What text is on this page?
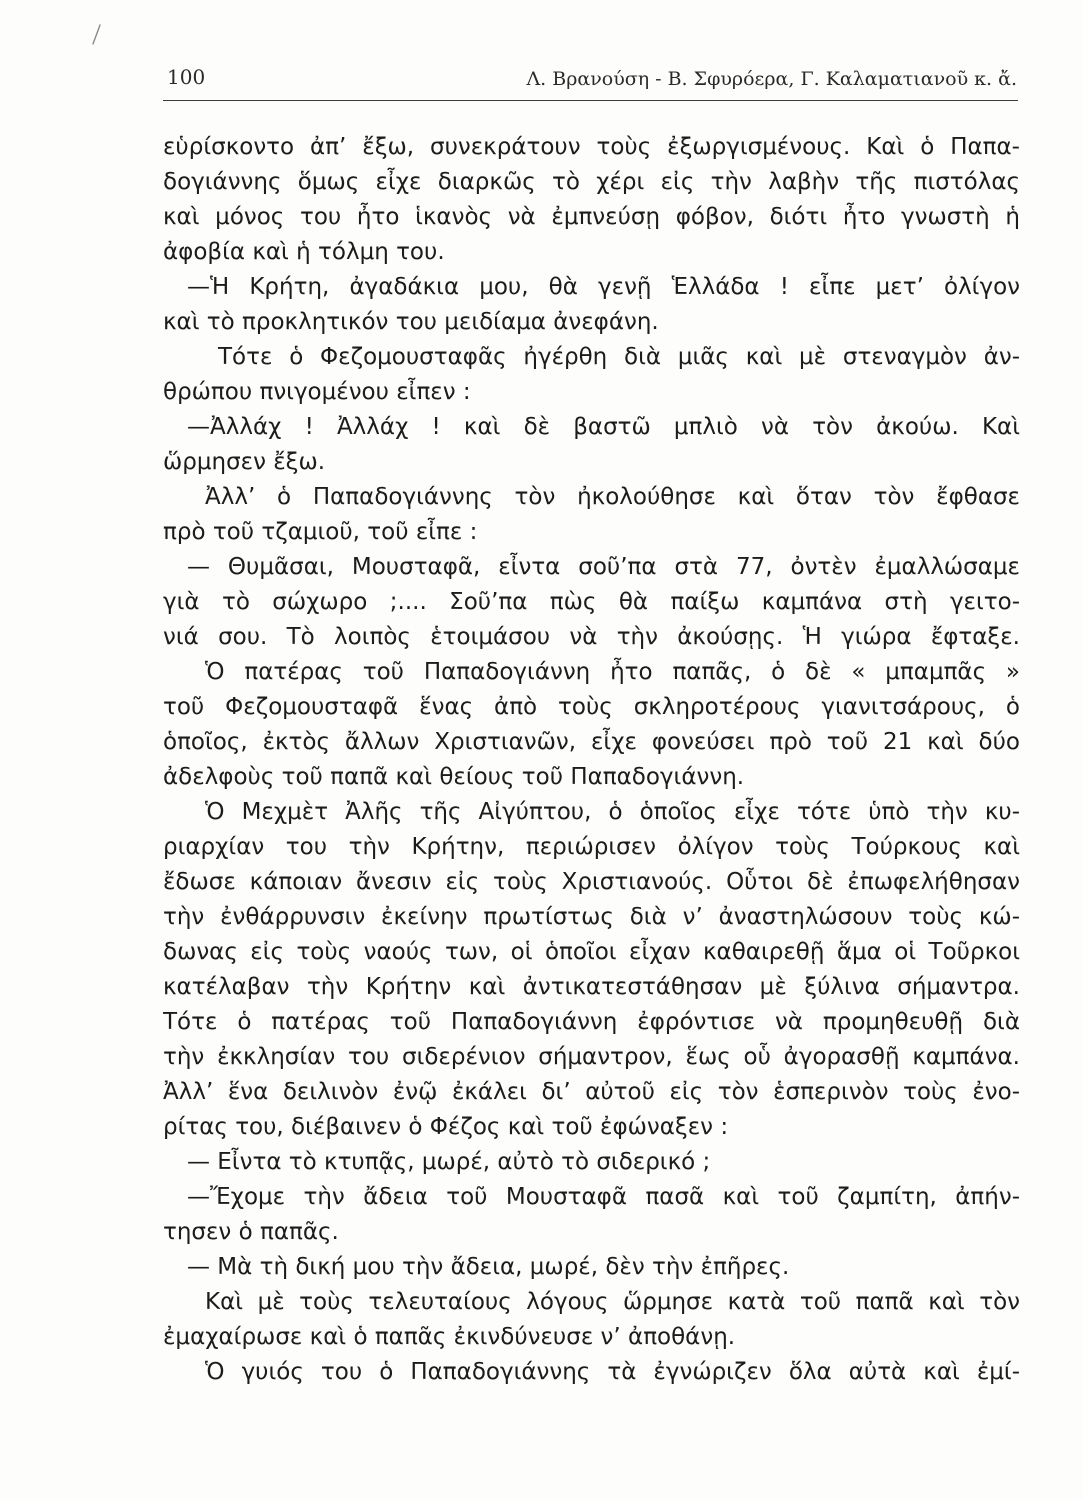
100	Λ. Βρανούση - Β. Σφυρόερα, Γ. Καλαματιανοῦ κ. ἄ.
εὑρίσκοντο ἀπ’ ἔξω, συνεκράτουν τοὺς ἐξωργισμένους. Καὶ ὁ Παπα-
δογιάννης ὅμως εἶχε διαρκῶς τὸ χέρι εἰς τὴν λαβὴν τῆς πιστόλας
καὶ μόνος του ἦτο ἱκανὸς νὰ ἐμπνεύσῃ φόβον, διότι ἦτο γνωστὴ ἡ
ἀφοβία καὶ ἡ τόλμη του.
—Ἡ Κρήτη, ἀγαδάκια μου, θὰ γενῇ Ἑλλάδα ! εἶπε μετ’ ὀλίγον
καὶ τὸ προκλητικόν του μειδίαμα ἀνεφάνη.
Τότε ὁ Φεζομουσταφᾶς ἠγέρθη διὰ μιᾶς καὶ μὲ στεναγμὸν ἀν-
θρώπου πνιγομένου εἶπεν :
—Ἀλλάχ ! Ἀλλάχ ! καὶ δὲ βαστῶ μπλιὸ νὰ τὸν ἀκούω. Καὶ
ὥρμησεν ἔξω.
Ἀλλ’ ὁ Παπαδογιάννης τὸν ἠκολούθησε καὶ ὅταν τὸν ἔφθασε
πρὸ τοῦ τζαμιοῦ, τοῦ εἶπε :
— Θυμᾶσαι, Μουσταφᾶ, εἶντα σοῦ’πα στὰ 77, ὀντὲν ἐμαλλώσαμε
γιὰ τὸ σώχωρο ;.... Σοῦ’πα πὼς θὰ παίξω καμπάνα στὴ γειτο-
νιά σου. Τὸ λοιπὸς ἑτοιμάσου νὰ τὴν ἀκούσῃς. Ἡ γιώρα ἔφταξε.
Ὁ πατέρας τοῦ Παπαδογιάννη ἦτο παπᾶς, ὁ δὲ « μπαμπᾶς »
τοῦ Φεζομουσταφᾶ ἕνας ἀπὸ τοὺς σκληροτέρους γιανιτσάρους, ὁ
ὁποῖος, ἐκτὸς ἄλλων Χριστιανῶν, εἶχε φονεύσει πρὸ τοῦ 21 καὶ δύο
ἀδελφοὺς τοῦ παπᾶ καὶ θείους τοῦ Παπαδογιάννη.
Ὁ Μεχμὲτ Ἀλῆς τῆς Αἰγύπτου, ὁ ὁποῖος εἶχε τότε ὑπὸ τὴν κυ-
ριαρχίαν του τὴν Κρήτην, περιώρισεν ὀλίγον τοὺς Τούρκους καὶ
ἔδωσε κάποιαν ἄνεσιν εἰς τοὺς Χριστιανούς. Οὗτοι δὲ ἐπωφελήθησαν
τὴν ἐνθάρρυνσιν ἐκείνην πρωτίστως διὰ ν’ ἀναστηλώσουν τοὺς κώ-
δωνας εἰς τοὺς ναούς των, οἱ ὁποῖοι εἶχαν καθαιρεθῇ ἅμα οἱ Τοῦρκοι
κατέλαβαν τὴν Κρήτην καὶ ἀντικατεστάθησαν μὲ ξύλινα σήμαντρα.
Τότε ὁ πατέρας τοῦ Παπαδογιάννη ἐφρόντισε νὰ προμηθευθῇ διὰ
τὴν ἐκκλησίαν του σιδερένιον σήμαντρον, ἕως οὗ ἀγορασθῇ καμπάνα.
Ἀλλ’ ἕνα δειλινὸν ἐνῷ ἐκάλει δι’ αὐτοῦ εἰς τὸν ἑσπερινὸν τοὺς ἐνο-
ρίτας του, διέβαινεν ὁ Φέζος καὶ τοῦ ἐφώναξεν :
— Εἶντα τὸ κτυπᾷς, μωρέ, αὐτὸ τὸ σιδερικό ;
—Ἔχομε τὴν ἄδεια τοῦ Μουσταφᾶ πασᾶ καὶ τοῦ ζαμπίτη, ἀπήν-
τησεν ὁ παπᾶς.
— Μὰ τὴ δική μου τὴν ἄδεια, μωρέ, δὲν τὴν ἐπῆρες.
Καὶ μὲ τοὺς τελευταίους λόγους ὥρμησε κατὰ τοῦ παπᾶ καὶ τὸν
ἐμαχαίρωσε καὶ ὁ παπᾶς ἐκινδύνευσε ν’ ἀποθάνῃ.
Ὁ γυιός του ὁ Παπαδογιάννης τὰ ἐγνώριζεν ὅλα αὐτὰ καὶ ἐμί-
